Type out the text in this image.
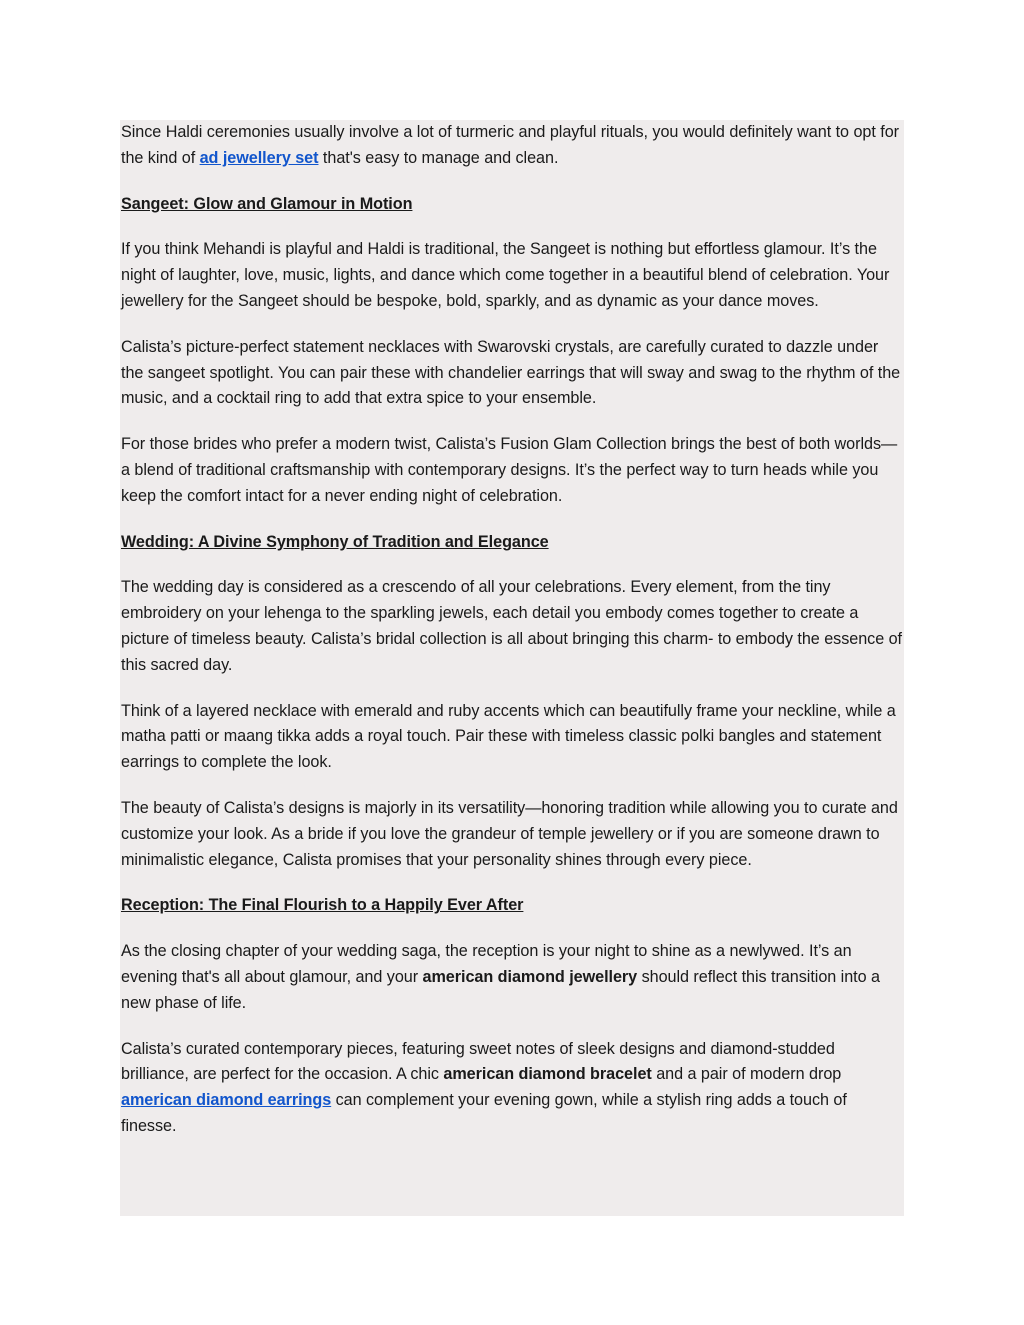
Since Haldi ceremonies usually involve a lot of turmeric and playful rituals, you would definitely want to opt for the kind of ad jewellery set that's easy to manage and clean.

Sangeet: Glow and Glamour in Motion

If you think Mehandi is playful and Haldi is traditional, the Sangeet is nothing but effortless glamour. It’s the night of laughter, love, music, lights, and dance which come together in a beautiful blend of celebration. Your jewellery for the Sangeet should be bespoke, bold, sparkly, and as dynamic as your dance moves.

Calista’s picture-perfect statement necklaces with Swarovski crystals, are carefully curated to dazzle under the sangeet spotlight. You can pair these with chandelier earrings that will sway and swag to the rhythm of the music, and a cocktail ring to add that extra spice to your ensemble.

For those brides who prefer a modern twist, Calista’s Fusion Glam Collection brings the best of both worlds— a blend of traditional craftsmanship with contemporary designs. It’s the perfect way to turn heads while you keep the comfort intact for a never ending night of celebration.

Wedding: A Divine Symphony of Tradition and Elegance

The wedding day is considered as a crescendo of all your celebrations. Every element, from the tiny embroidery on your lehenga to the sparkling jewels, each detail you embody comes together to create a picture of timeless beauty. Calista’s bridal collection is all about bringing this charm- to embody the essence of this sacred day.

Think of a layered necklace with emerald and ruby accents which can beautifully frame your neckline, while a matha patti or maang tikka adds a royal touch. Pair these with timeless classic polki bangles and statement earrings to complete the look.

The beauty of Calista’s designs is majorly in its versatility—honoring tradition while allowing you to curate and customize your look. As a bride if you love the grandeur of temple jewellery or if you are someone drawn to minimalistic elegance, Calista promises that your personality shines through every piece.

Reception: The Final Flourish to a Happily Ever After

As the closing chapter of your wedding saga, the reception is your night to shine as a newlywed. It’s an evening that's all about glamour, and your american diamond jewellery should reflect this transition into a new phase of life.

Calista’s curated contemporary pieces, featuring sweet notes of sleek designs and diamond-studded brilliance, are perfect for the occasion. A chic american diamond bracelet and a pair of modern drop american diamond earrings can complement your evening gown, while a stylish ring adds a touch of finesse.
